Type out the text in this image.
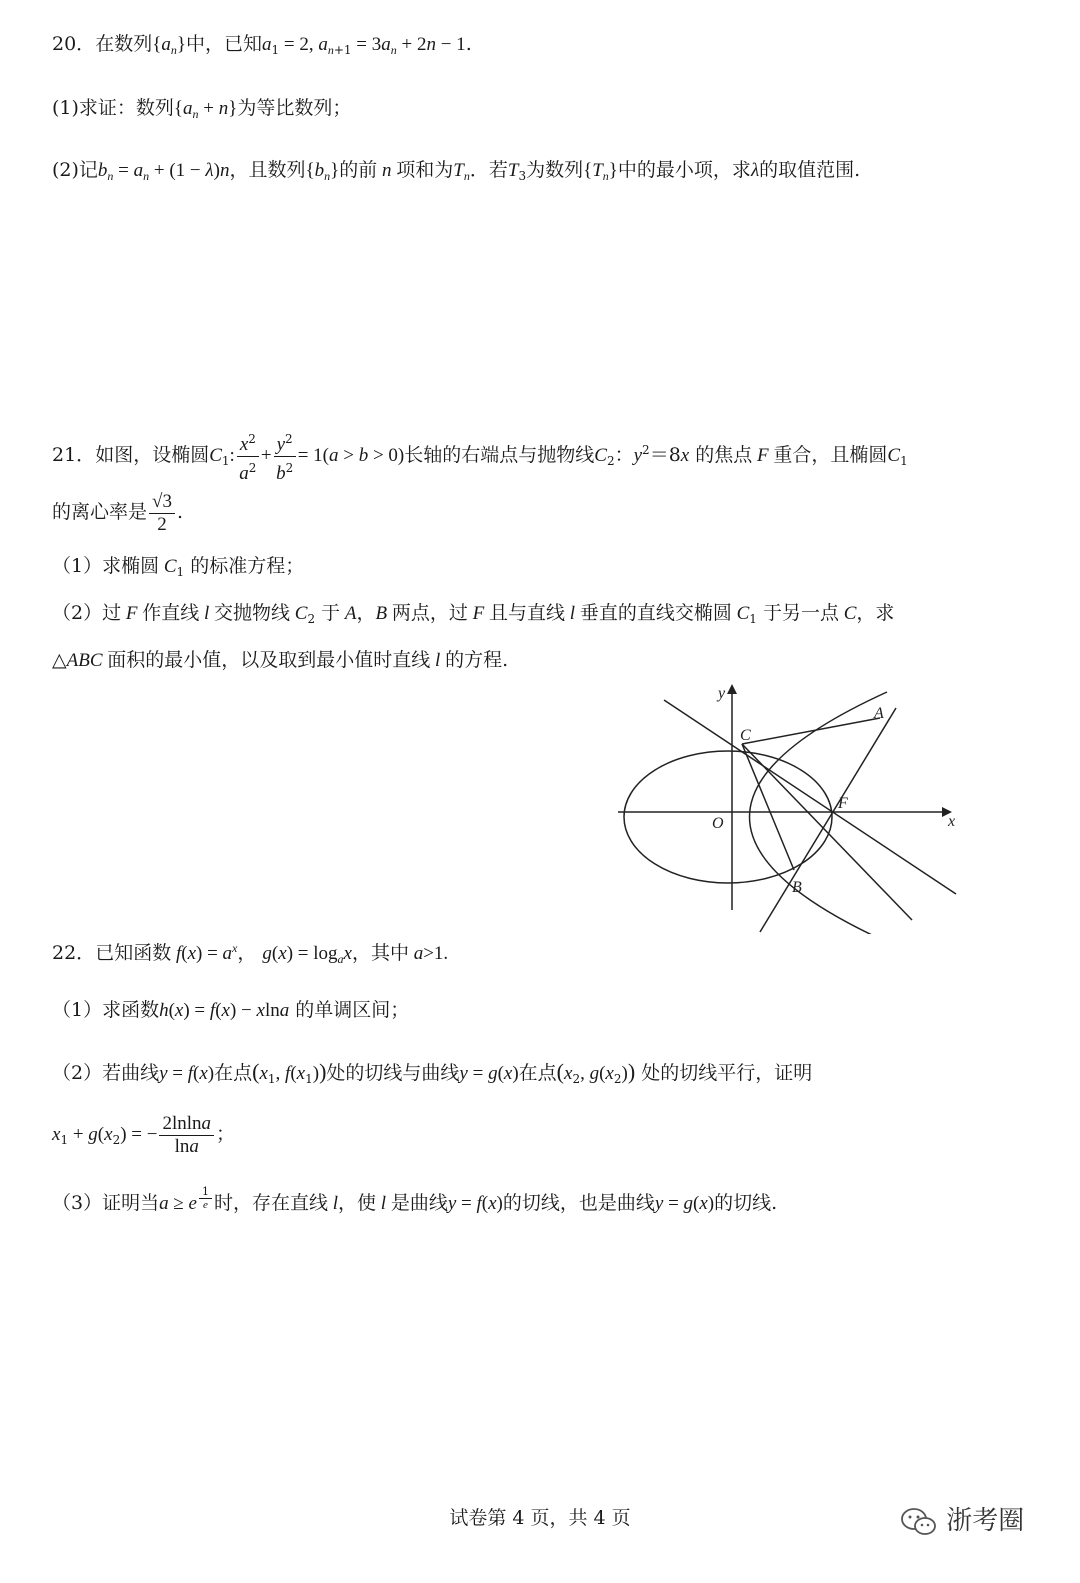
20．在数列$\{a_n\}$中，已知$a_1 = 2$, $a_{n+1} = 3a_n + 2n - 1$.
(1)求证：数列$\{a_n + n\}$为等比数列；
(2)记$b_n = a_n + (1 - \lambda)n$，且数列$\{b_n\}$的前 n 项和为$T_n$．若$T_3$为数列$\{T_n\}$中的最小项，求λ的取值范围.
21．如图，设椭圆$C_1$: $\frac{x^2}{a^2} + \frac{y^2}{b^2} = 1(a > b > 0)$长轴的右端点与抛物线$C_2$：$y^2=8x$ 的焦点 F 重合，且椭圆$C_1$
的离心率是 $\frac{√3}{2}$ .
（1）求椭圆 $C_1$ 的标准方程；
（2）过 F 作直线 l 交抛物线 $C_2$ 于 A，B 两点，过 F 且与直线 l 垂直的直线交椭圆 $C_1$ 于另一点 C，求
△ABC 面积的最小值，以及取到最小值时直线 l 的方程.
y
x
O
A
B
C
F
22．已知函数 $f(x) = a^x$， $g(x) = \log_ax$，其中 a>1.
（1）求函数h(x) = f(x) − xlna 的单调区间；
（2）若曲线y = f(x)在点($x_1$, $f(x_1)$)处的切线与曲线y = g(x)在点($x_2$, $g(x_2)$) 处的切线平行，证明
$x_1 + g(x_2)$ = − $\frac{2lnlna}{\ln a}$ ；
（3）证明当a ≥ e $^{\frac{1}{e}}$ 时，存在直线 l，使 l 是曲线y = f(x)的切线，也是曲线y = g(x)的切线.
试卷第 4 页，共 4 页	浙考圈
